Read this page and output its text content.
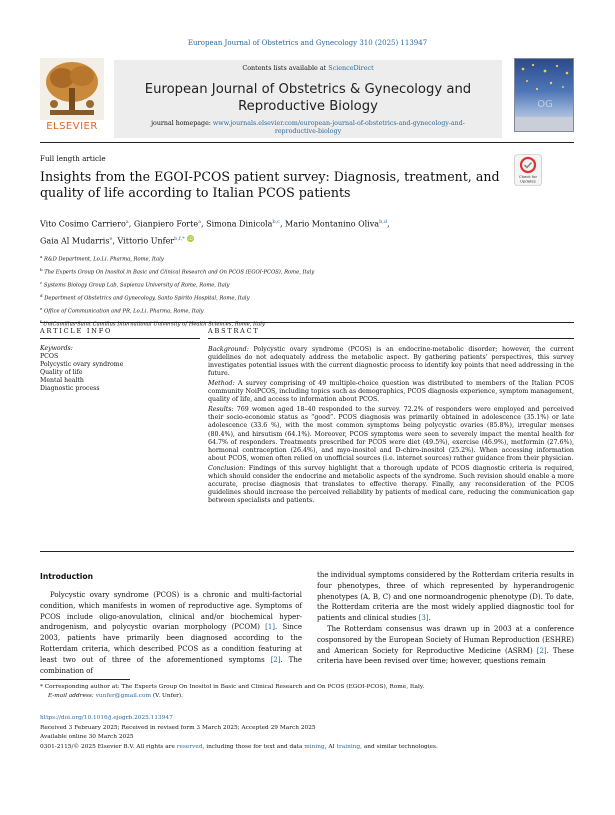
European Journal of Obstetrics and Gynecology 310 (2025) 113947
ELSEVIER
Contents lists available at ScienceDirect
European Journal of Obstetrics & Gynecology and
Reproductive Biology
journal homepage: www.journals.elsevier.com/european-journal-of-obstetrics-and-gynecology-and-
reproductive-biology
OG
Full length article
Insights from the EGOI-PCOS patient survey: Diagnosis, treatment, and
quality of life according to Italian PCOS patients
Check for
Updates
Vito Cosimo Carriero$^a$, Gianpiero Forte$^a$, Simona Dinicola$^{b,c}$, Mario Montanino Oliva$^{b,d}$,
Gaia Al Mudarris$^e$, Vittorio Unfer$^{b,f,*}$ iD
$^a$ R&D Department, Lo.Li. Pharma, Rome, Italy
$^b$ The Experts Group On Inositol in Basic and Clinical Research and On PCOS (EGOI-PCOS), Rome, Italy
$^c$ Systems Biology Group Lab, Sapienza University of Rome, Rome, Italy
$^d$ Department of Obstetrics and Gynecology, Santo Spirito Hospital, Rome, Italy
$^e$ Office of Communication and PR, Lo.Li. Pharma, Rome, Italy
$^f$ UniCamillus-Saint Camillus International University of Health Sciences, Rome, Italy
ARTICLE INFO	ABSTRACT
Keywords:
PCOS
Polycystic ovary syndrome
Quality of life
Mental health
Diagnostic process

Background: Polycystic ovary syndrome (PCOS) is an endocrine-metabolic disorder; however, the current guidelines do not adequately address the metabolic aspect. By gathering patients’ perspectives, this survey investigates potential issues with the current diagnostic process to identify key points that need addressing in the future.

Method: A survey comprising of 49 multiple-choice question was distributed to members of the Italian PCOS community NoiPCOS, including topics such as demographics, PCOS diagnosis experience, symptom management, quality of life, and access to information about PCOS.

Results: 769 women aged 18–40 responded to the survey. 72.2% of responders were employed and perceived their socio-economic status as “good”. PCOS diagnosis was primarily obtained in adolescence (35.1%) or late adolescence (33.6 %), with the most common symptoms being polycystic ovaries (85.8%), irregular menses (80.4%), and hirsutism (64.1%). Moreover, PCOS symptoms were seen to severely impact the mental health for 64.7% of responders. Treatments prescribed for PCOS were diet (49.5%), exercise (46.9%), metformin (27.6%), hormonal contraception (26.4%), and myo-inositol and D-chiro-inositol (25.2%). When accessing information about PCOS, women often relied on unofficial sources (i.e. internet sources) rather guidance from their physician.

Conclusion: Findings of this survey highlight that a thorough update of PCOS diagnostic criteria is required, which should consider the endocrine and metabolic aspects of the syndrome. Such revision should enable a more accurate, precise diagnosis that translates to effective therapy. Finally, any reconsideration of the PCOS guidelines should increase the perceived reliability by patients of medical care, reducing the communication gap between specialists and patients.

Introduction

Polycystic ovary syndrome (PCOS) is a chronic and multi-factorial condition, which manifests in women of reproductive age. Symptoms of PCOS include oligo-anovulation, clinical and/or biochemical hyper-androgenism, and polycystic ovarian morphology (PCOM) [1]. Since 2003, patients have primarily been diagnosed according to the Rotterdam criteria, which described PCOS as a condition featuring at least two out of three of the aforementioned symptoms [2]. The combination of

the individual symptoms considered by the Rotterdam criteria results in four phenotypes, three of which represented by hyperandrogenic phenotypes (A, B, C) and one normoandrogenic phenotype (D). To date, the Rotterdam criteria are the most widely applied diagnostic tool for patients and clinical studies [3].

The Rotterdam consensus was drawn up in 2003 at a conference cosponsored by the European Society of Human Reproduction (ESHRE) and American Society for Reproductive Medicine (ASRM) [2]. These criteria have been revised over time; however, questions remain

* Corresponding author at: The Experts Group On Inositol in Basic and Clinical Research and On PCOS (EGOI-PCOS), Rome, Italy.
E-mail address: vunfer@gmail.com (V. Unfer).
https://doi.org/10.1016/j.ejogrb.2025.113947
Received 3 February 2025; Received in revised form 3 March 2025; Accepted 29 March 2025
Available online 30 March 2025
0301-2115/© 2025 Elsevier B.V. All rights are reserved, including those for text and data mining, AI training, and similar technologies.
